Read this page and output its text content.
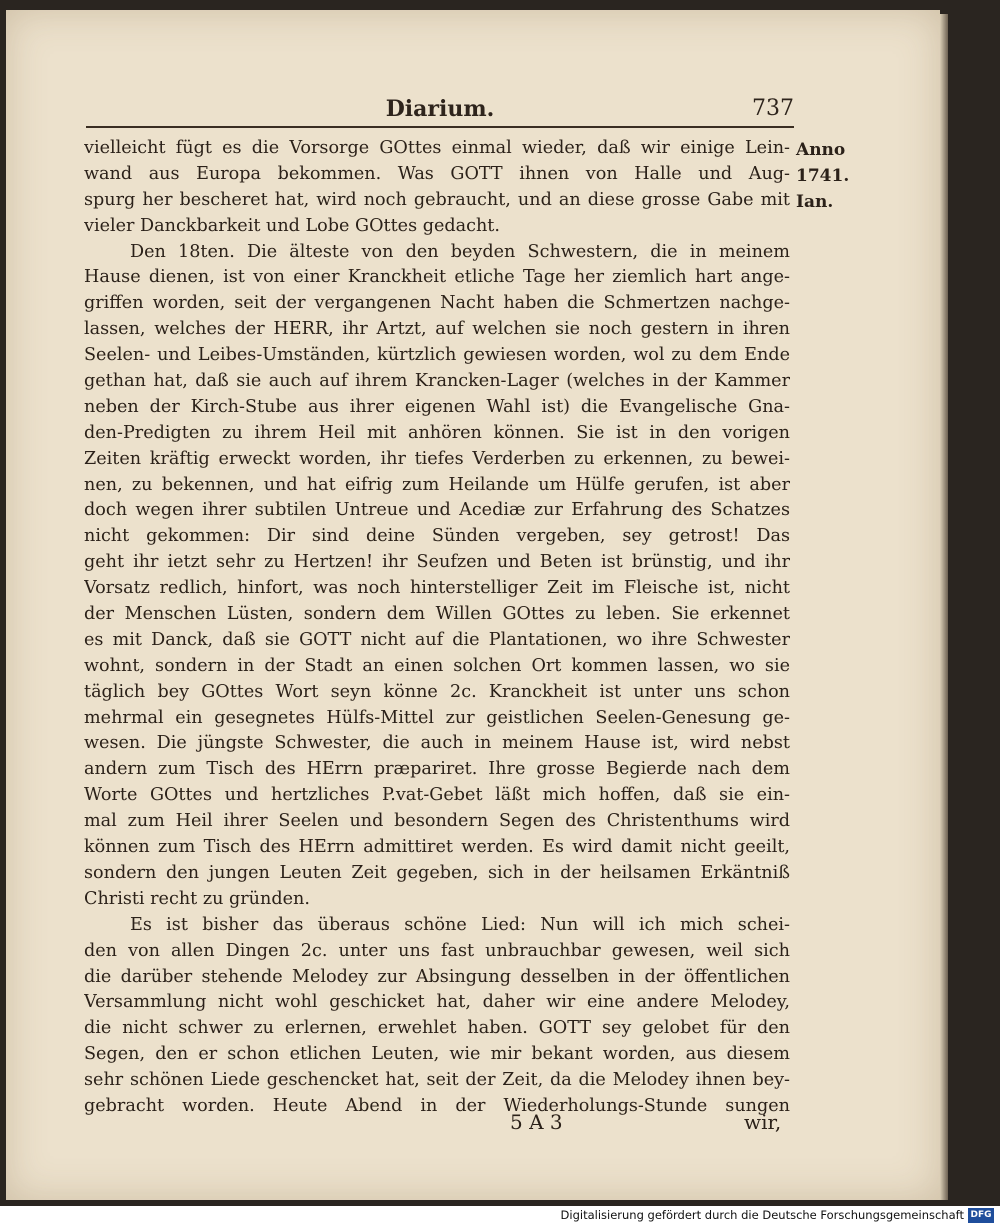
Diarium.	737
Anno
1741.
Ian.
vielleicht fügt es die Vorsorge GOttes einmal wieder, daß wir einige Lein-
wand aus Europa bekommen. Was GOTT ihnen von Halle und Aug-
spurg her bescheret hat, wird noch gebraucht, und an diese grosse Gabe mit
vieler Danckbarkeit und Lobe GOttes gedacht.
Den 18ten. Die älteste von den beyden Schwestern, die in meinem
Hause dienen, ist von einer Kranckheit etliche Tage her ziemlich hart ange-
griffen worden, seit der vergangenen Nacht haben die Schmertzen nachge-
lassen, welches der HERR, ihr Artzt, auf welchen sie noch gestern in ihren
Seelen- und Leibes-Umständen, kürtzlich gewiesen worden, wol zu dem Ende
gethan hat, daß sie auch auf ihrem Krancken-Lager (welches in der Kammer
neben der Kirch-Stube aus ihrer eigenen Wahl ist) die Evangelische Gna-
den-Predigten zu ihrem Heil mit anhören können. Sie ist in den vorigen
Zeiten kräftig erweckt worden, ihr tiefes Verderben zu erkennen, zu bewei-
nen, zu bekennen, und hat eifrig zum Heilande um Hülfe gerufen, ist aber
doch wegen ihrer subtilen Untreue und Acediæ zur Erfahrung des Schatzes
nicht gekommen: Dir sind deine Sünden vergeben, sey getrost! Das
geht ihr ietzt sehr zu Hertzen! ihr Seufzen und Beten ist brünstig, und ihr
Vorsatz redlich, hinfort, was noch hinterstelliger Zeit im Fleische ist, nicht
der Menschen Lüsten, sondern dem Willen GOttes zu leben. Sie erkennet
es mit Danck, daß sie GOTT nicht auf die Plantationen, wo ihre Schwester
wohnt, sondern in der Stadt an einen solchen Ort kommen lassen, wo sie
täglich bey GOttes Wort seyn könne 2c. Kranckheit ist unter uns schon
mehrmal ein gesegnetes Hülfs-Mittel zur geistlichen Seelen-Genesung ge-
wesen. Die jüngste Schwester, die auch in meinem Hause ist, wird nebst
andern zum Tisch des HErrn præpariret. Ihre grosse Begierde nach dem
Worte GOttes und hertzliches P.vat-Gebet läßt mich hoffen, daß sie ein-
mal zum Heil ihrer Seelen und besondern Segen des Christenthums wird
können zum Tisch des HErrn admittiret werden. Es wird damit nicht geeilt,
sondern den jungen Leuten Zeit gegeben, sich in der heilsamen Erkäntniß
Christi recht zu gründen.
Es ist bisher das überaus schöne Lied: Nun will ich mich schei-
den von allen Dingen 2c. unter uns fast unbrauchbar gewesen, weil sich
die darüber stehende Melodey zur Absingung desselben in der öffentlichen
Versammlung nicht wohl geschicket hat, daher wir eine andere Melodey,
die nicht schwer zu erlernen, erwehlet haben. GOTT sey gelobet für den
Segen, den er schon etlichen Leuten, wie mir bekant worden, aus diesem
sehr schönen Liede geschencket hat, seit der Zeit, da die Melodey ihnen bey-
gebracht worden. Heute Abend in der Wiederholungs-Stunde sungen
5 A 3	wir,
Digitalisierung gefördert durch die Deutsche Forschungsgemeinschaft DFG
